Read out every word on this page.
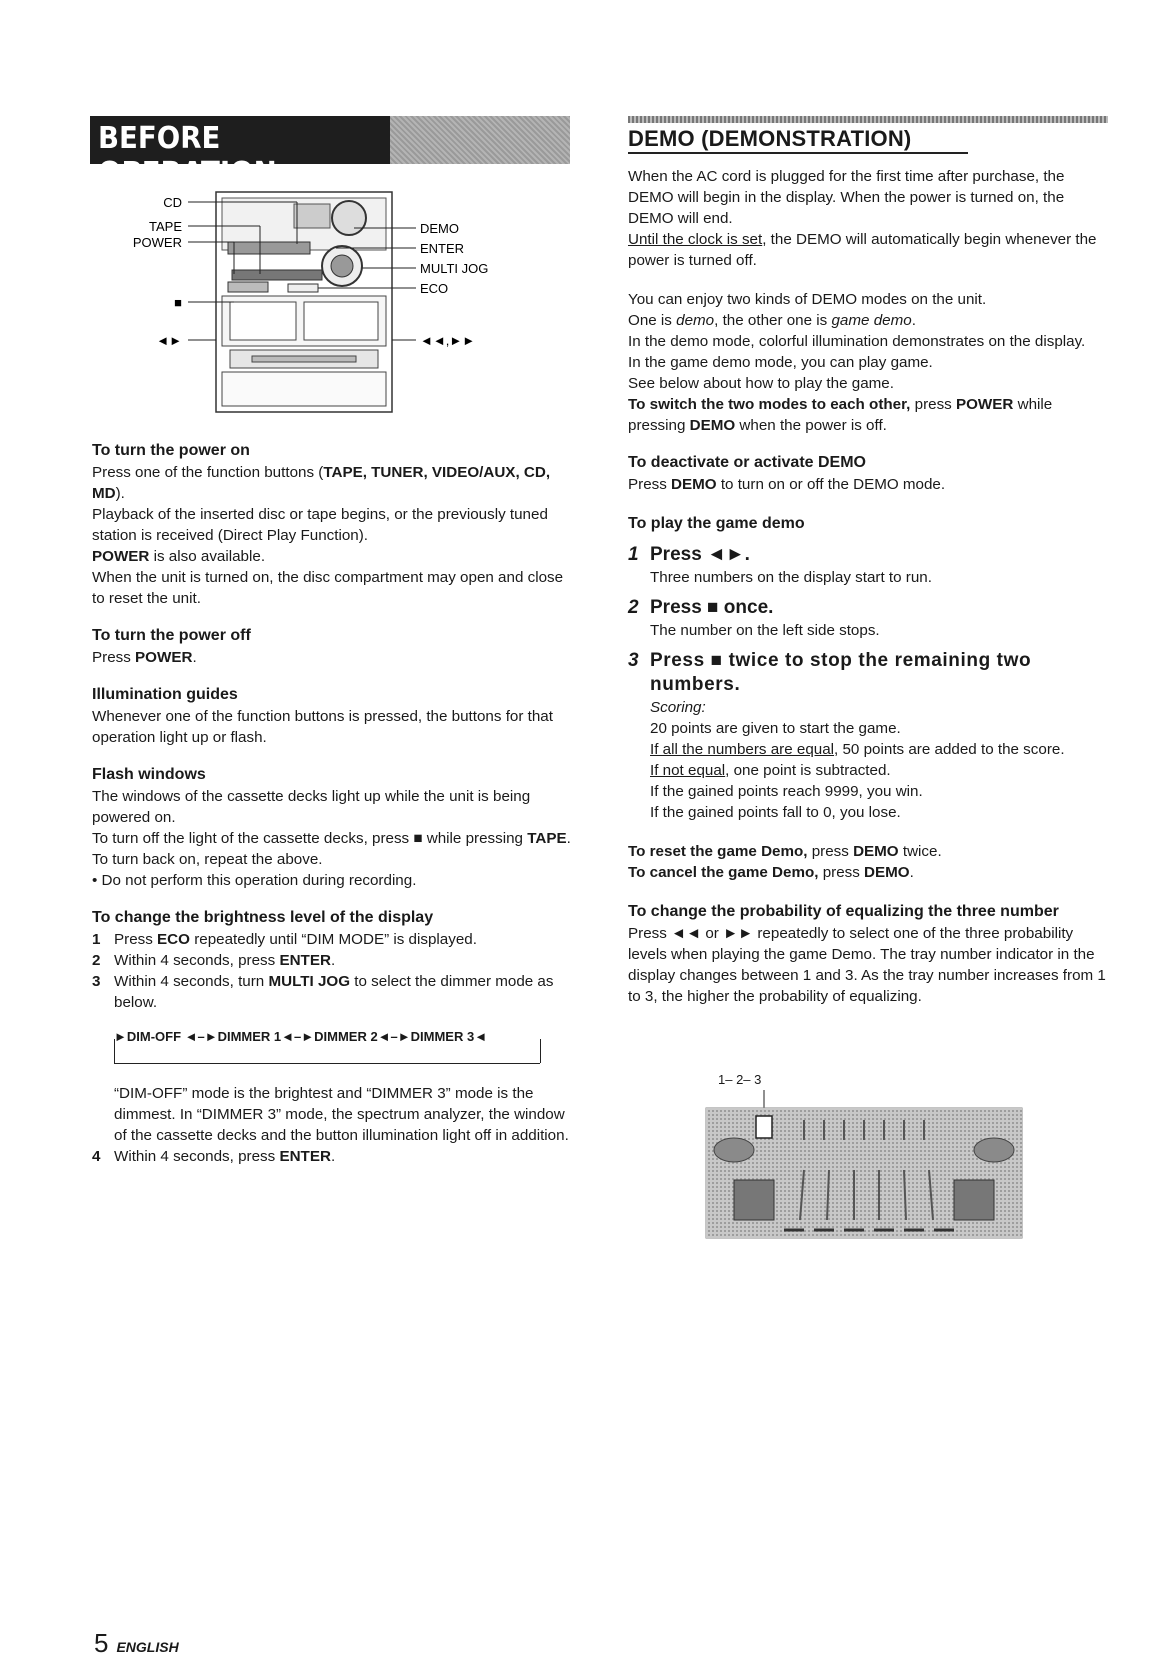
BEFORE OPERATION
CD
TAPE
POWER
■
◄►
DEMO
ENTER
MULTI JOG
ECO
◄◄,►►

To turn the power on

Press one of the function buttons (TAPE, TUNER, VIDEO/AUX, CD, MD).

Playback of the inserted disc or tape begins, or the previously tuned station is received (Direct Play Function).

POWER is also available.

When the unit is turned on, the disc compartment may open and close to reset the unit.

To turn the power off

Press POWER.

Illumination guides

Whenever one of the function buttons is pressed, the buttons for that operation light up or flash.

Flash windows

The windows of the cassette decks light up while the unit is being powered on.

To turn off the light of the cassette decks, press ■ while pressing TAPE. To turn back on, repeat the above.

• Do not perform this operation during recording.

To change the brightness level of the display

1 Press ECO repeatedly until “DIM MODE” is displayed.
2 Within 4 seconds, press ENTER.
3 Within 4 seconds, turn MULTI JOG to select the dimmer mode as below.
►DIM-OFF ◄–►DIMMER 1◄–►DIMMER 2◄–►DIMMER 3◄

“DIM-OFF” mode is the brightest and “DIMMER 3” mode is the dimmest. In “DIMMER 3” mode, the spectrum analyzer, the window of the cassette decks and the button illumination light off in addition.

4 Within 4 seconds, press ENTER.
DEMO (DEMONSTRATION)

When the AC cord is plugged for the first time after purchase, the DEMO will begin in the display. When the power is turned on, the DEMO will end.

Until the clock is set, the DEMO will automatically begin whenever the power is turned off.

You can enjoy two kinds of DEMO modes on the unit.

One is demo, the other one is game demo.

In the demo mode, colorful illumination demonstrates on the display.

In the game demo mode, you can play game.

See below about how to play the game.

To switch the two modes to each other, press POWER while pressing DEMO when the power is off.

To deactivate or activate DEMO

Press DEMO to turn on or off the DEMO mode.

To play the game demo

1 Press ◄►.

Three numbers on the display start to run.

2 Press ■ once.

The number on the left side stops.

3 Press ■ twice to stop the remaining two numbers.

Scoring:

20 points are given to start the game.

If all the numbers are equal, 50 points are added to the score.

If not equal, one point is subtracted.

If the gained points reach 9999, you win.

If the gained points fall to 0, you lose.

To reset the game Demo, press DEMO twice.

To cancel the game Demo, press DEMO.

To change the probability of equalizing the three number

Press ◄◄ or ►► repeatedly to select one of the three probability levels when playing the game Demo. The tray number indicator in the display changes between 1 and 3. As the tray number increases from 1 to 3, the higher the probability of equalizing.

1– 2– 3
5 ENGLISH
